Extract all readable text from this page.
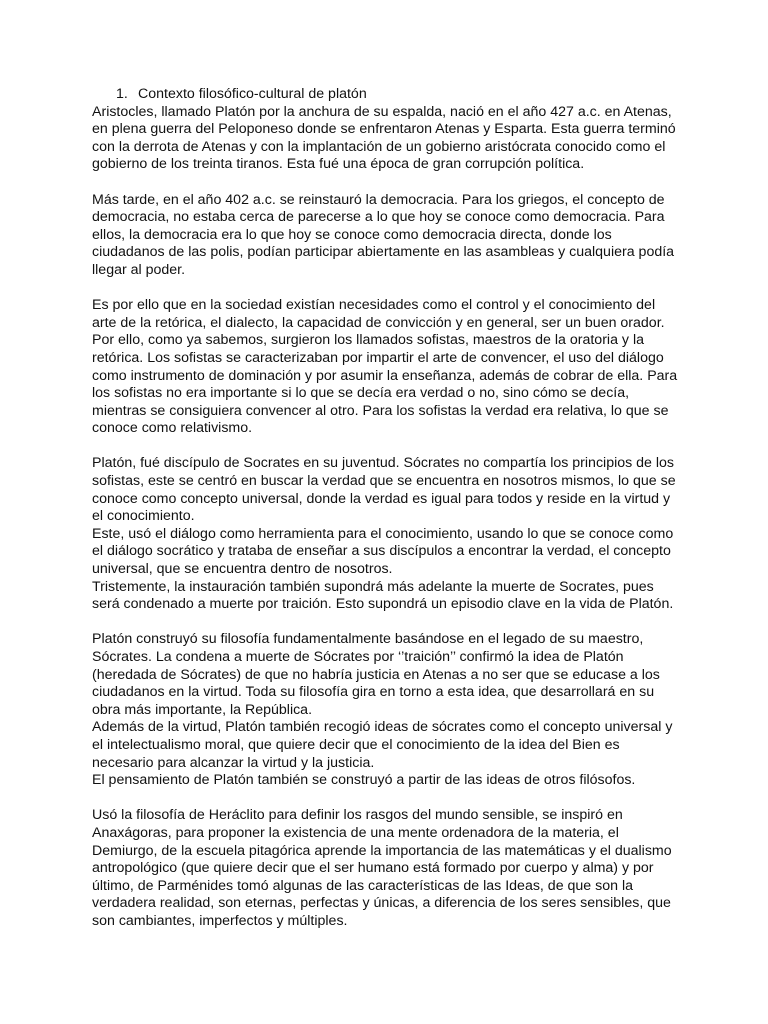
1. Contexto filosófico-cultural de platón

Aristocles, llamado Platón por la anchura de su espalda, nació en el año 427 a.c. en Atenas, en plena guerra del Peloponeso donde se enfrentaron Atenas y Esparta. Esta guerra terminó con la derrota de Atenas y con la implantación de un gobierno aristócrata conocido como el gobierno de los treinta tiranos. Esta fué una época de gran corrupción política.

Más tarde, en el año 402 a.c. se reinstauró la democracia. Para los griegos, el concepto de democracia, no estaba cerca de parecerse a lo que hoy se conoce como democracia. Para ellos, la democracia era lo que hoy se conoce como democracia directa, donde los ciudadanos de las polis, podían participar abiertamente en las asambleas y cualquiera podía llegar al poder.

Es por ello que en la sociedad existían necesidades como el control y el conocimiento del arte de la retórica, el dialecto, la capacidad de convicción y en general, ser un buen orador. Por ello, como ya sabemos, surgieron los llamados sofistas, maestros de la oratoria y la retórica. Los sofistas se caracterizaban por impartir el arte de convencer, el uso del diálogo como instrumento de dominación y por asumir la enseñanza, además de cobrar de ella. Para los sofistas no era importante si lo que se decía era verdad o no, sino cómo se decía, mientras se consiguiera convencer al otro. Para los sofistas la verdad era relativa, lo que se conoce como relativismo.

Platón, fué discípulo de Socrates en su juventud. Sócrates no compartía los principios de los sofistas, este se centró en buscar la verdad que se encuentra en nosotros mismos, lo que se conoce como concepto universal, donde la verdad es igual para todos y reside en la virtud y el conocimiento.
Este, usó el diálogo como herramienta para el conocimiento, usando lo que se conoce como el diálogo socrático y trataba de enseñar a sus discípulos a encontrar la verdad, el concepto universal, que se encuentra dentro de nosotros.
Tristemente, la instauración también supondrá más adelante la muerte de Socrates, pues será condenado a muerte por traición. Esto supondrá un episodio clave en la vida de Platón.

Platón construyó su filosofía fundamentalmente basándose en el legado de su maestro, Sócrates. La condena a muerte de Sócrates por ‘’traición’’ confirmó la idea de Platón (heredada de Sócrates) de que no habría justicia en Atenas a no ser que se educase a los ciudadanos en la virtud. Toda su filosofía gira en torno a esta idea, que desarrollará en su obra más importante, la República.
Además de la virtud, Platón también recogió ideas de sócrates como el concepto universal y el intelectualismo moral, que quiere decir que el conocimiento de la idea del Bien es necesario para alcanzar la virtud y la justicia.
El pensamiento de Platón también se construyó a partir de las ideas de otros filósofos.

Usó la filosofía de Heráclito para definir los rasgos del mundo sensible, se inspiró en Anaxágoras, para proponer la existencia de una mente ordenadora de la materia, el Demiurgo, de la escuela pitagórica aprende la importancia de las matemáticas y el dualismo antropológico (que quiere decir que el ser humano está formado por cuerpo y alma) y por último, de Parménides tomó algunas de las características de las Ideas, de que son la verdadera realidad, son eternas, perfectas y únicas, a diferencia de los seres sensibles, que son cambiantes, imperfectos y múltiples.
